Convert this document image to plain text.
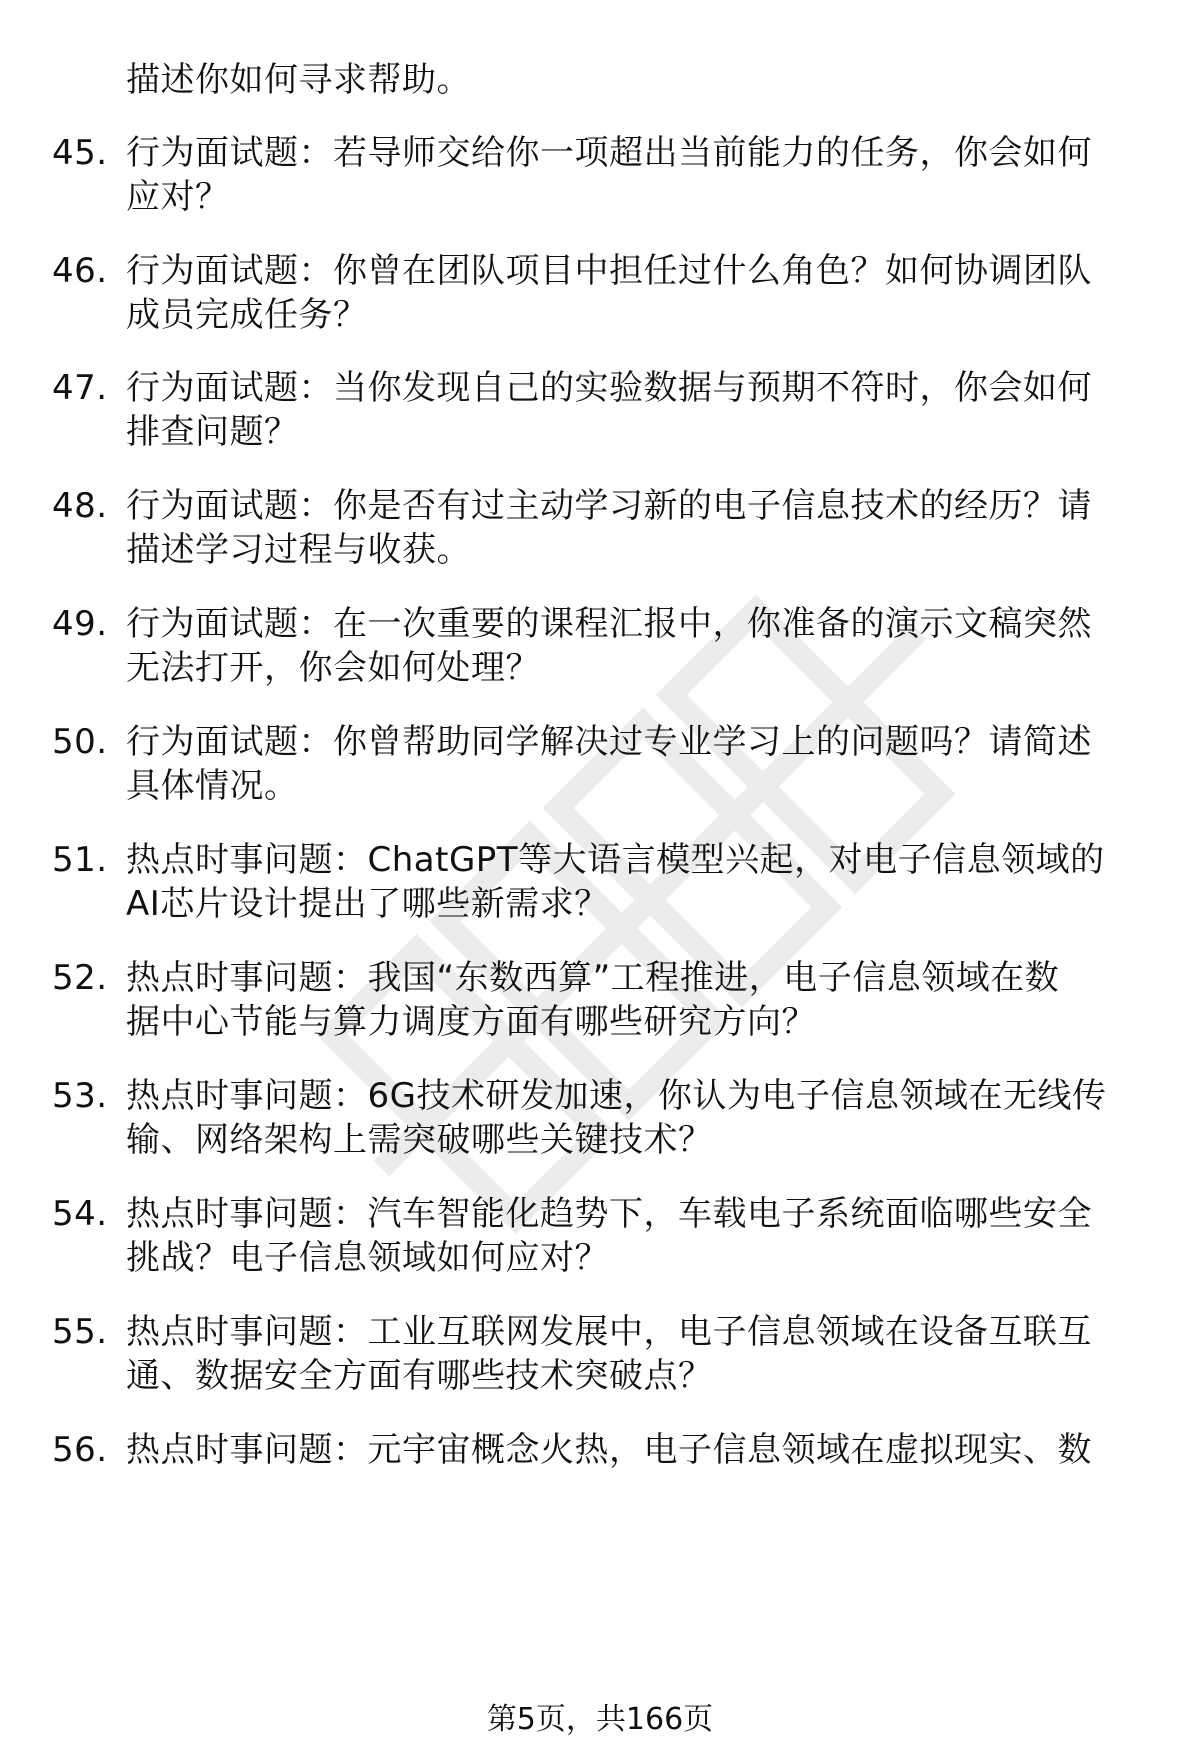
描述你如何寻求帮助。
45. 行为面试题：若导师交给你一项超出当前能力的任务，你会如何
应对？
46. 行为面试题：你曾在团队项目中担任过什么角色？如何协调团队
成员完成任务？
47. 行为面试题：当你发现自己的实验数据与预期不符时，你会如何
排查问题？
48. 行为面试题：你是否有过主动学习新的电子信息技术的经历？请
描述学习过程与收获。
49. 行为面试题：在一次重要的课程汇报中，你准备的演示文稿突然
无法打开，你会如何处理？
50. 行为面试题：你曾帮助同学解决过专业学习上的问题吗？请简述
具体情况。
51. 热点时事问题：ChatGPT等大语言模型兴起，对电子信息领域的
AI芯片设计提出了哪些新需求？
52. 热点时事问题：我国“东数西算”工程推进，电子信息领域在数
据中心节能与算力调度方面有哪些研究方向？
53. 热点时事问题：6G技术研发加速，你认为电子信息领域在无线传
输、网络架构上需突破哪些关键技术？
54. 热点时事问题：汽车智能化趋势下，车载电子系统面临哪些安全
挑战？电子信息领域如何应对？
55. 热点时事问题：工业互联网发展中，电子信息领域在设备互联互
通、数据安全方面有哪些技术突破点？
56. 热点时事问题：元宇宙概念火热，电子信息领域在虚拟现实、数
第5页，共166页
